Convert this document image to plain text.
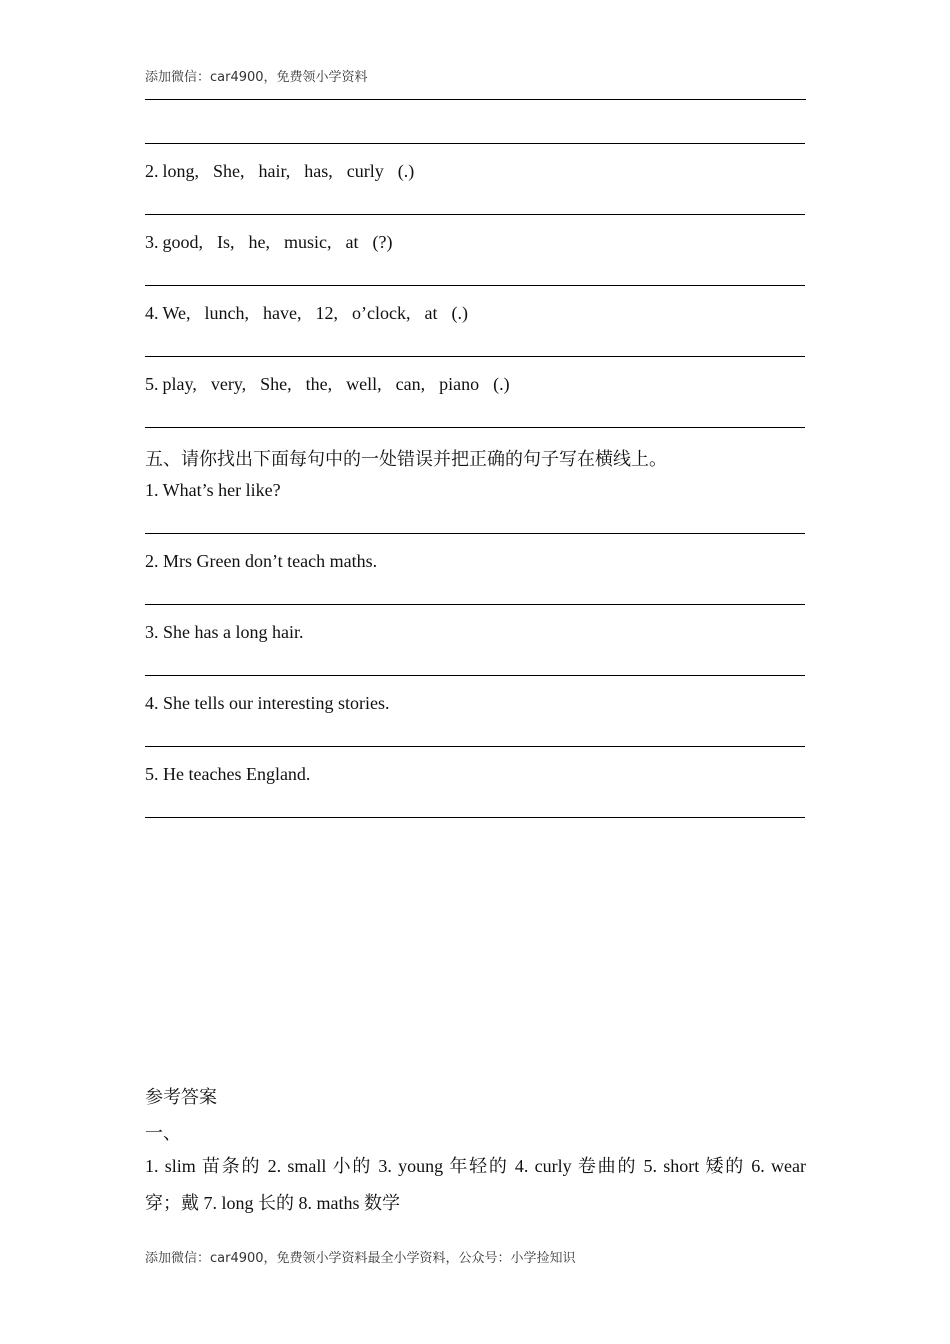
添加微信：car4900，免费领小学资料
2. long, She, hair, has, curly (.)
3. good, Is, he, music, at (?)
4. We, lunch, have, 12, o’clock, at (.)
5. play, very, She, the, well, can, piano (.)
五、请你找出下面每句中的一处错误并把正确的句子写在横线上。
1. What’s her like?
2. Mrs Green don’t teach maths.
3. She has a long hair.
4. She tells our interesting stories.
5. He teaches England.
参考答案
一、
1. slim 苗条的 2. small 小的 3. young 年轻的 4. curly 卷曲的 5. short 矮的 6. wear
穿；戴 7. long 长的 8. maths 数学
添加微信：car4900，免费领小学资料最全小学资料，公众号：小学捡知识
